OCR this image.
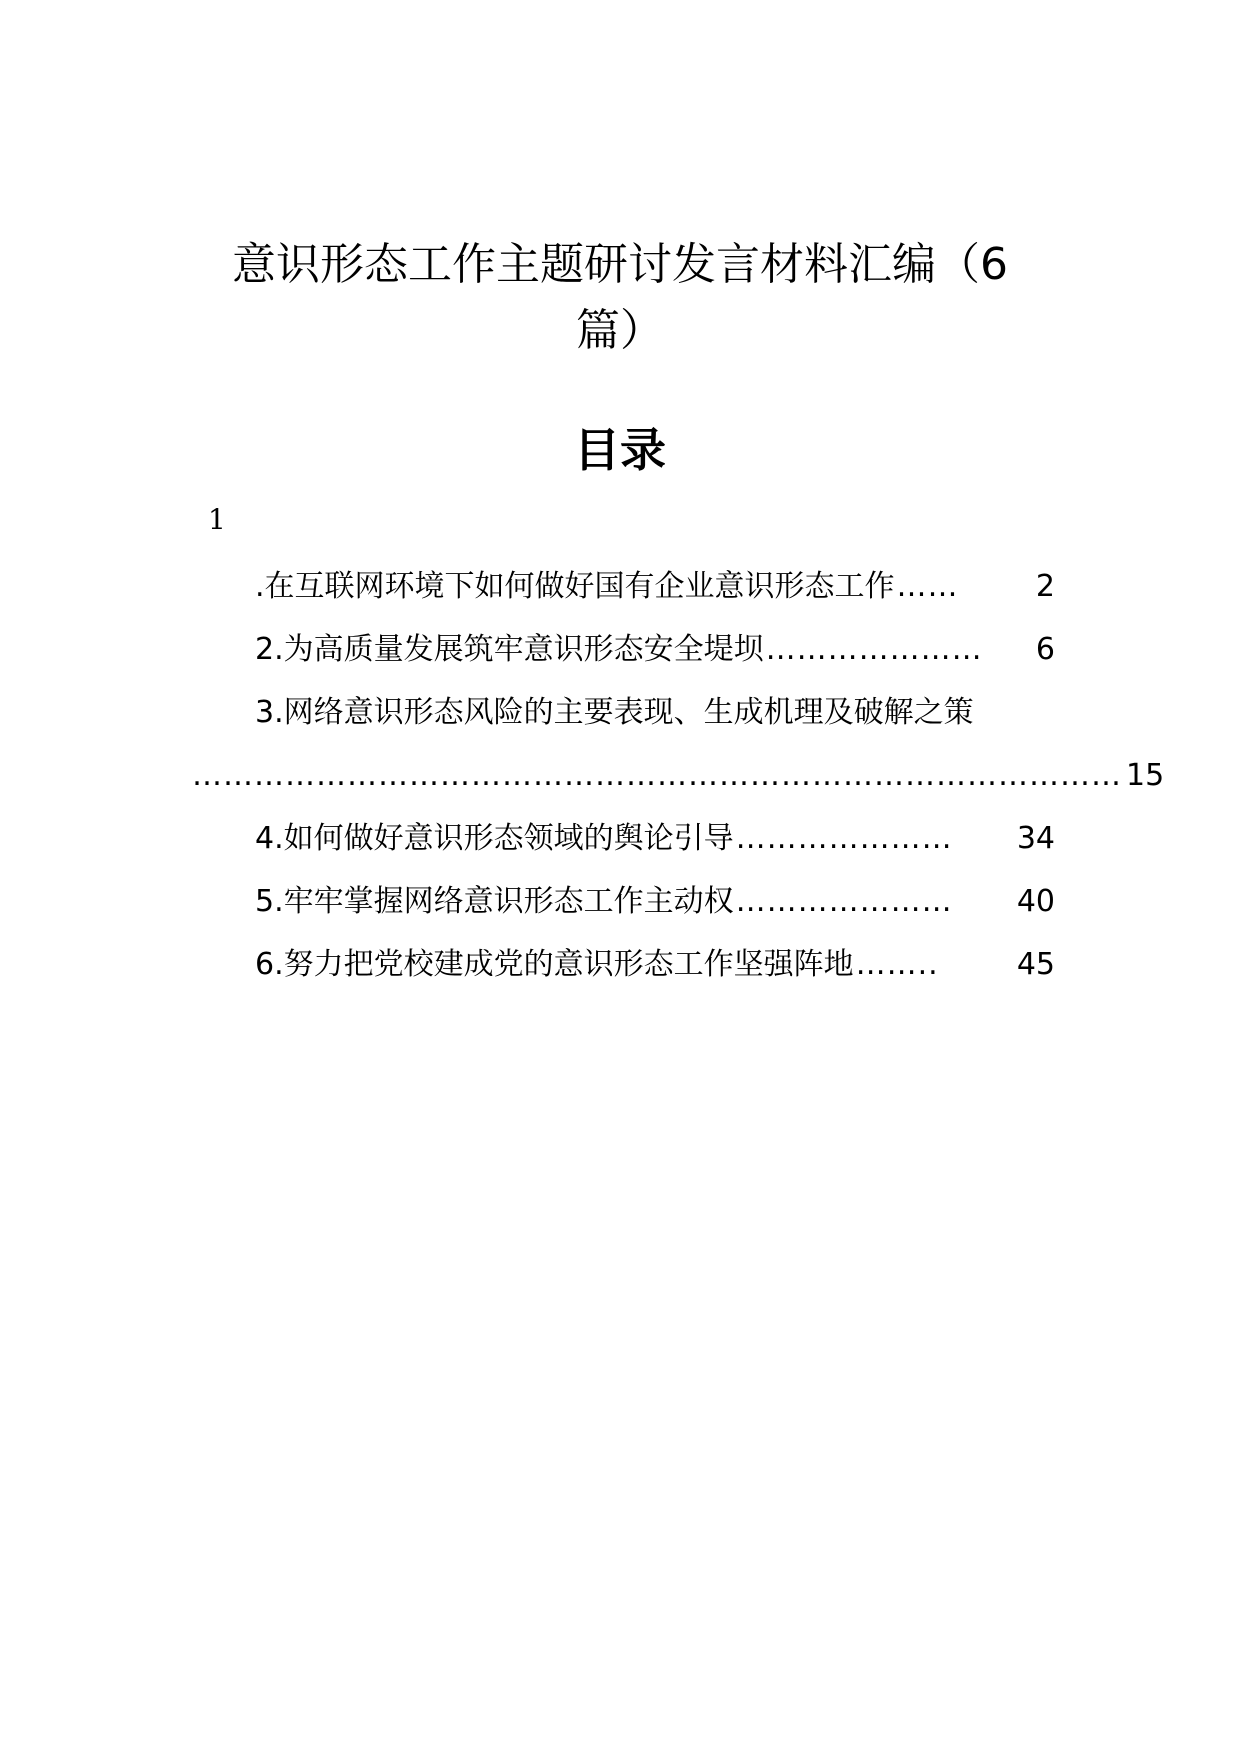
意识形态工作主题研讨发言材料汇编（6
篇）
目录
1
.在互联网环境下如何做好国有企业意识形态工作 ……	2
2.为高质量发展筑牢意识形态安全堤坝 …………………	6
3.网络意识形态风险的主要表现、生成机理及破解之策
……………………………………………………………………………… 15
4.如何做好意识形态领域的舆论引导 …………………	34
5.牢牢掌握网络意识形态工作主动权 …………………	40
6.努力把党校建成党的意识形态工作坚强阵地 ……..	45
